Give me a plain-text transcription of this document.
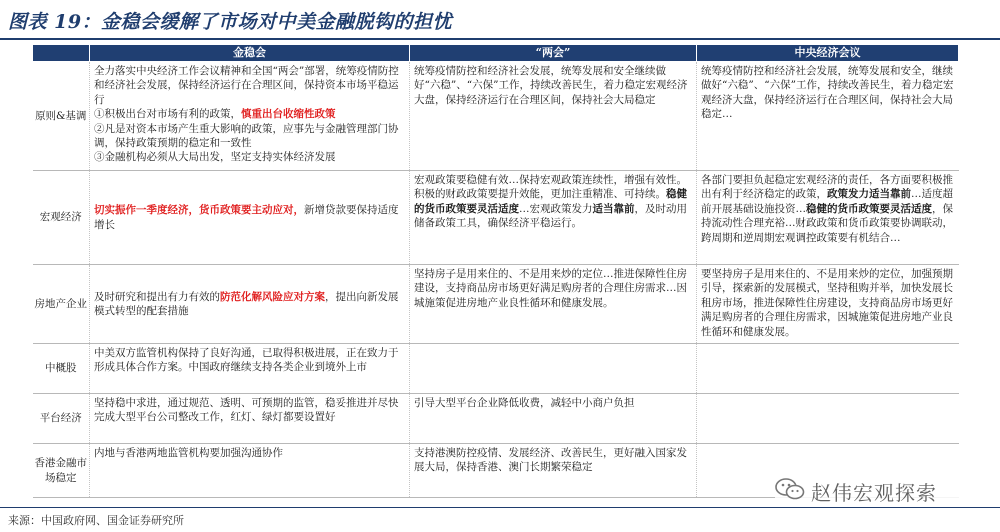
图表 19：金稳会缓解了市场对中美金融脱钩的担忧
	金稳会	“两会”	中央经济会议
原则&基调	全力落实中央经济工作会议精神和全国“两会”部署，统筹疫情防控和经济社会发展，保持经济运行在合理区间，保持资本市场平稳运行
①积极出台对市场有利的政策，慎重出台收缩性政策
②凡是对资本市场产生重大影响的政策，应事先与金融管理部门协调，保持政策预期的稳定和一致性
③金融机构必须从大局出发，坚定支持实体经济发展	统筹疫情防控和经济社会发展，统筹发展和安全继续做好“六稳”、“六保”工作，持续改善民生，着力稳定宏观经济大盘，保持经济运行在合理区间，保持社会大局稳定	统筹疫情防控和经济社会发展，统筹发展和安全，继续做好“六稳”、“六保”工作，持续改善民生，着力稳定宏观经济大盘，保持经济运行在合理区间，保持社会大局稳定…

宏观经济	切实振作一季度经济，货币政策要主动应对，新增贷款要保持适度增长	宏观政策要稳健有效…保持宏观政策连续性，增强有效性。积极的财政政策要提升效能，更加注重精准、可持续。稳健的货币政策要灵活适度…宏观政策发力适当靠前，及时动用储备政策工具，确保经济平稳运行。	各部门要担负起稳定宏观经济的责任，各方面要积极推出有利于经济稳定的政策，政策发力适当靠前…适度超前开展基础设施投资…稳健的货币政策要灵活适度，保持流动性合理充裕…财政政策和货币政策要协调联动，跨周期和逆周期宏观调控政策要有机结合…

房地产企业	及时研究和提出有力有效的防范化解风险应对方案，提出向新发展模式转型的配套措施	坚持房子是用来住的、不是用来炒的定位…推进保障性住房建设，支持商品房市场更好满足购房者的合理住房需求…因城施策促进房地产业良性循环和健康发展。	要坚持房子是用来住的、不是用来炒的定位，加强预期引导，探索新的发展模式，坚持租购并举，加快发展长租房市场，推进保障性住房建设，支持商品房市场更好满足购房者的合理住房需求，因城施策促进房地产业良性循环和健康发展。

中概股	中美双方监管机构保持了良好沟通，已取得积极进展，正在致力于形成具体合作方案。中国政府继续支持各类企业到境外上市		

平台经济	坚持稳中求进，通过规范、透明、可预期的监管，稳妥推进并尽快完成大型平台公司整改工作，红灯、绿灯都要设置好	引导大型平台企业降低收费，减轻中小商户负担	

香港金融市场稳定	内地与香港两地监管机构要加强沟通协作	支持港澳防控疫情、发展经济、改善民生，更好融入国家发展大局，保持香港、澳门长期繁荣稳定	

来源：中国政府网、国金证券研究所
赵伟宏观探索
